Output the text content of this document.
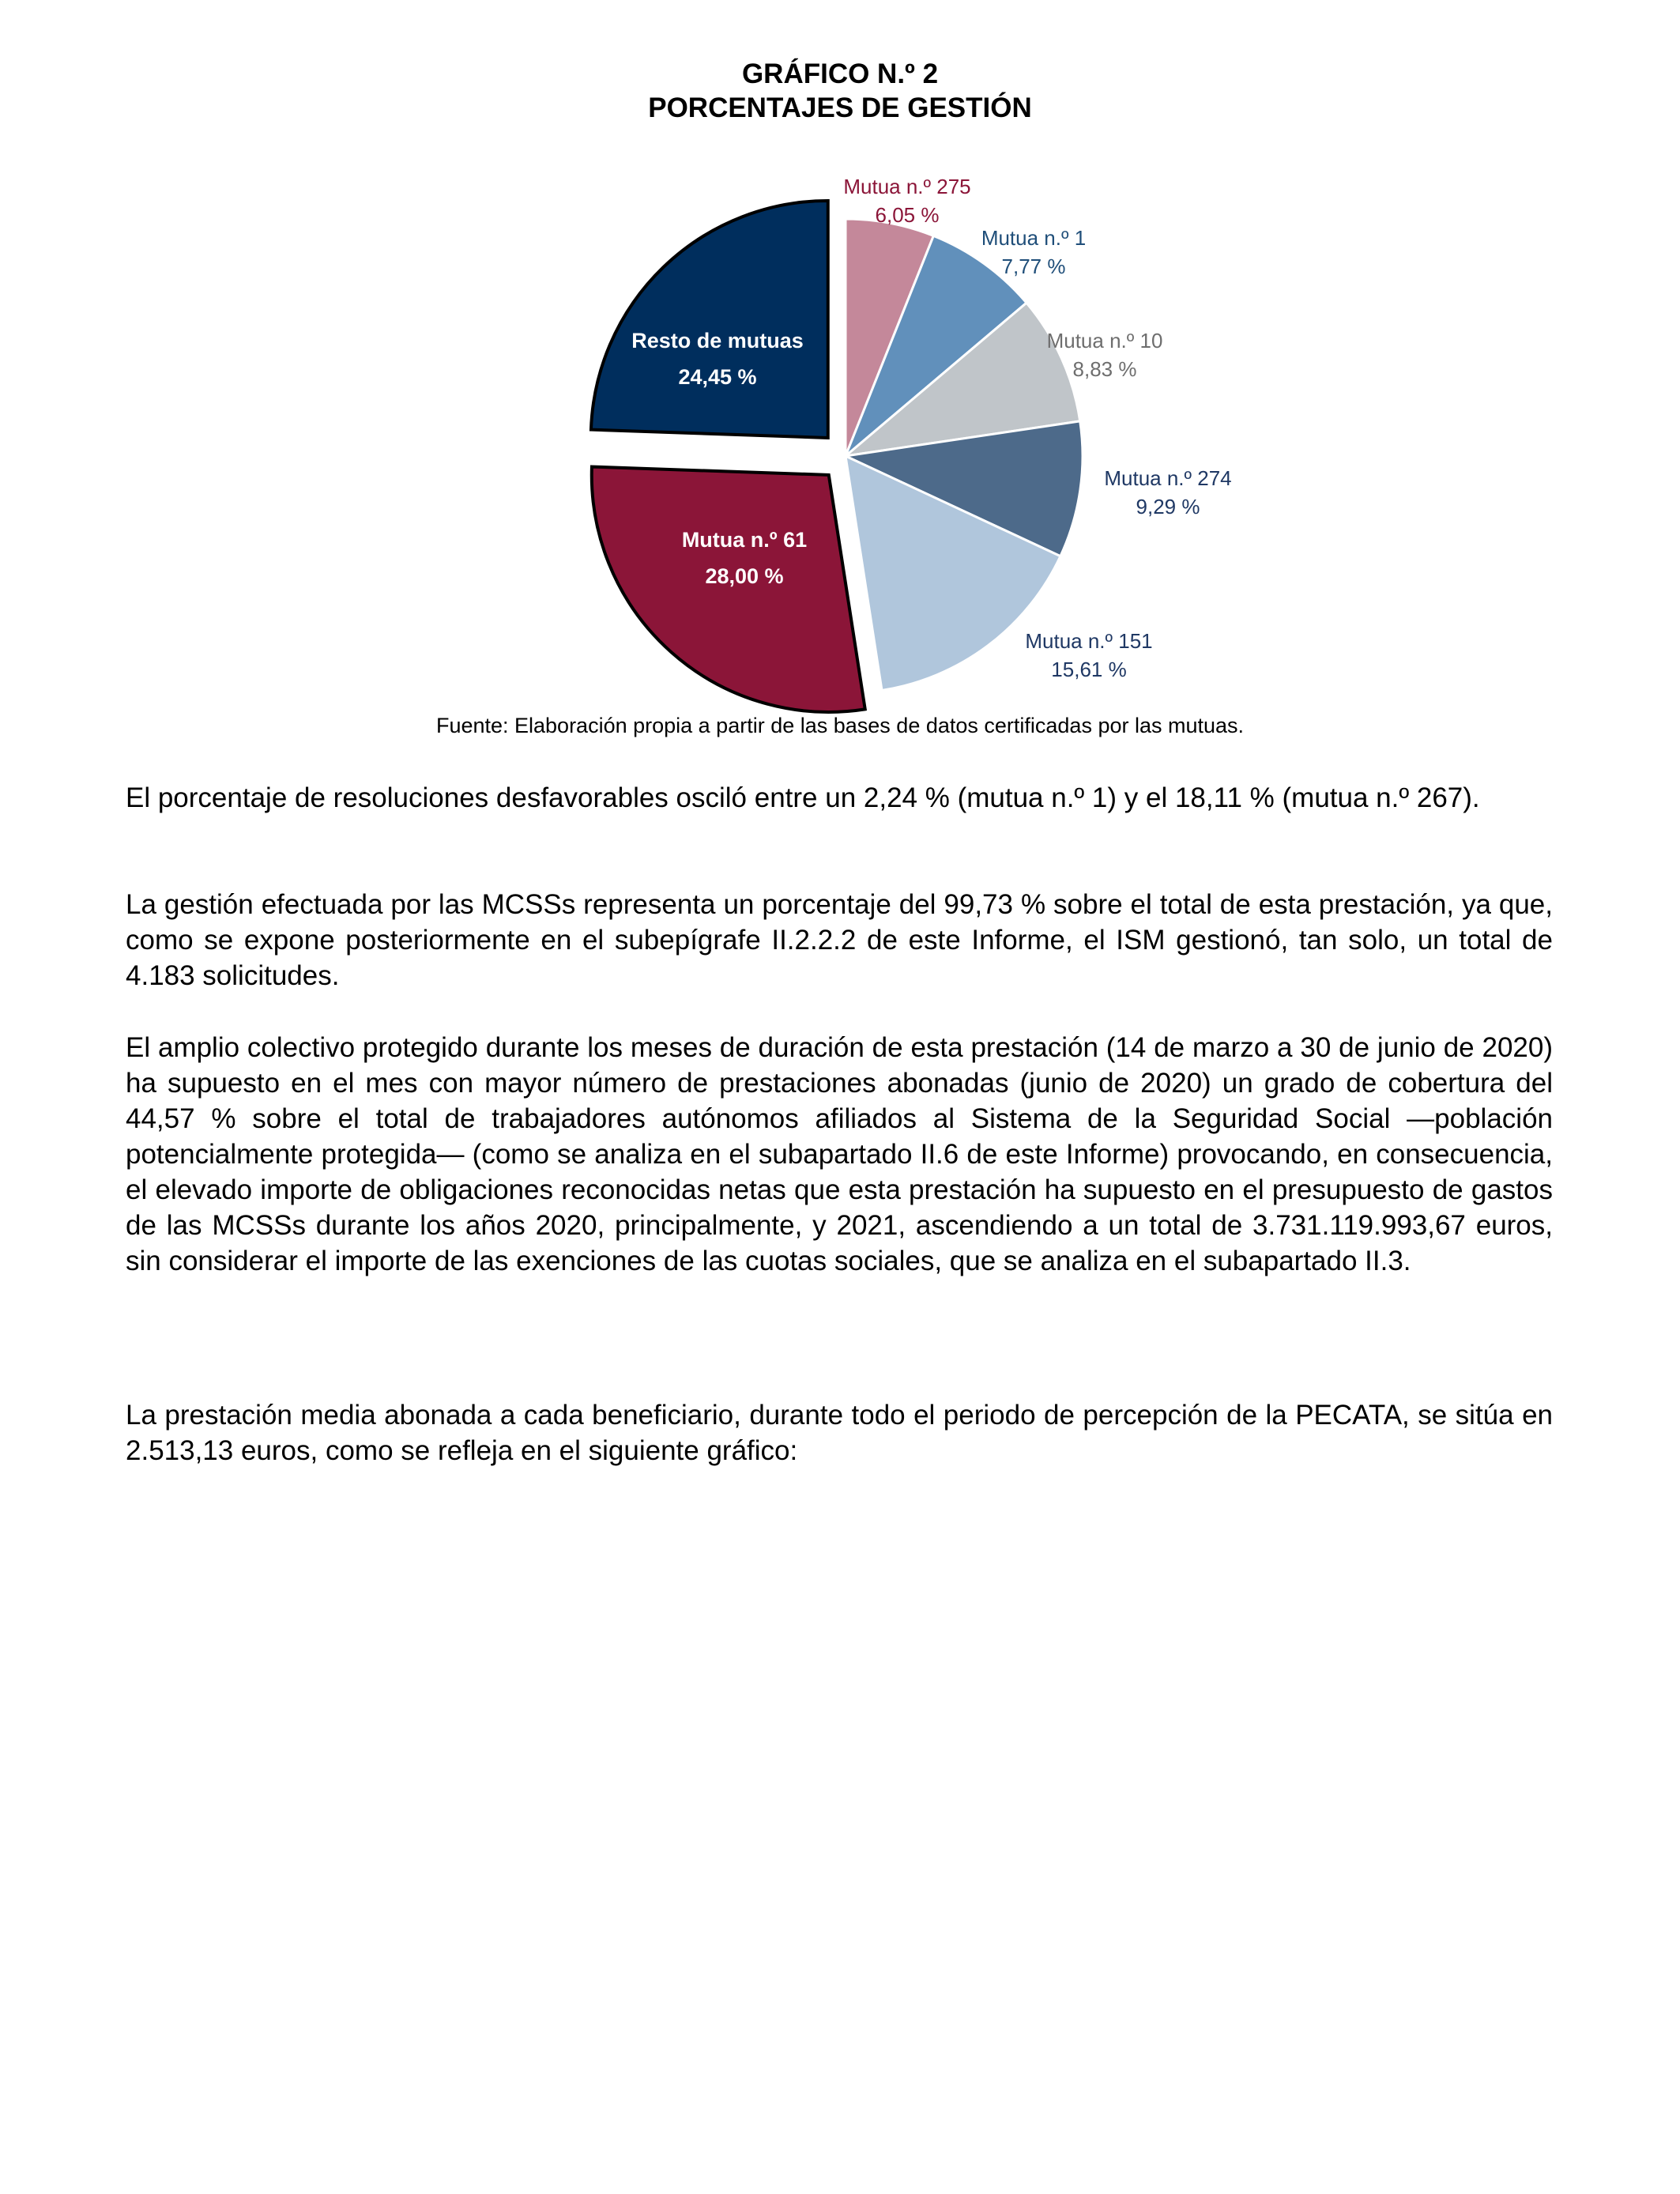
GRÁFICO N.º 2
PORCENTAJES DE GESTIÓN
Mutua n.º 275
6,05 %
Mutua n.º 1
7,77 %
Mutua n.º 10
8,83 %
Mutua n.º 274
9,29 %
Mutua n.º 151
15,61 %
Mutua n.º 61
28,00 %
Resto de mutuas
24,45 %
Fuente: Elaboración propia a partir de las bases de datos certificadas por las mutuas.

El porcentaje de resoluciones desfavorables osciló entre un 2,24 % (mutua n.º 1) y el 18,11 % (mutua n.º 267).

La gestión efectuada por las MCSSs representa un porcentaje del 99,73 % sobre el total de esta prestación, ya que, como se expone posteriormente en el subepígrafe II.2.2.2 de este Informe, el ISM gestionó, tan solo, un total de 4.183 solicitudes.

El amplio colectivo protegido durante los meses de duración de esta prestación (14 de marzo a 30 de junio de 2020) ha supuesto en el mes con mayor número de prestaciones abonadas (junio de 2020) un grado de cobertura del 44,57 % sobre el total de trabajadores autónomos afiliados al Sistema de la Seguridad Social —población potencialmente protegida— (como se analiza en el subapartado II.6 de este Informe) provocando, en consecuencia, el elevado importe de obligaciones reconocidas netas que esta prestación ha supuesto en el presupuesto de gastos de las MCSSs durante los años 2020, principalmente, y 2021, ascendiendo a un total de 3.731.119.993,67 euros, sin considerar el importe de las exenciones de las cuotas sociales, que se analiza en el subapartado II.3.

La prestación media abonada a cada beneficiario, durante todo el periodo de percepción de la PECATA, se sitúa en 2.513,13 euros, como se refleja en el siguiente gráfico:
